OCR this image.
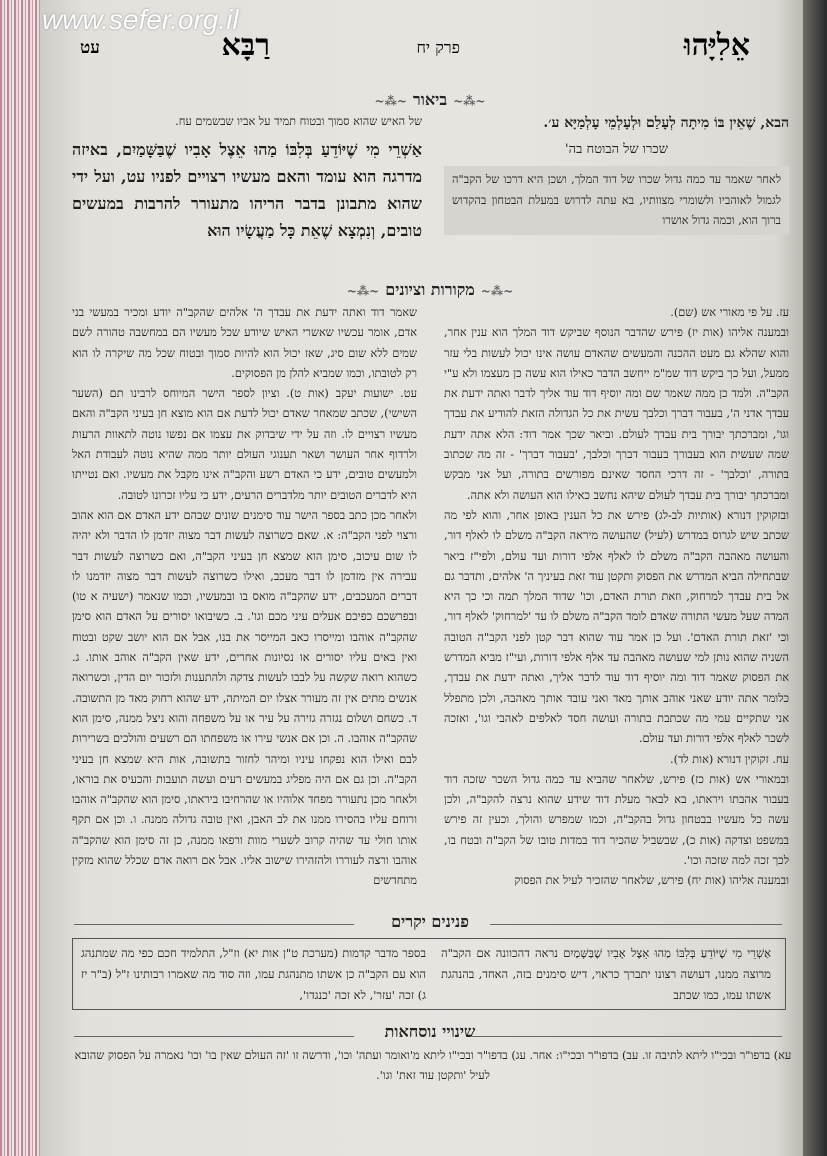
www.sefer.org.il
אֵלִיָּהוּ
פרק יח
רַבָּא
עט
~⁂~ביאור~⁂~
הבא, שֶׁאֵין בּוֹ מִיתָה לְעָלַם וּלְעָלְמֵי עָלְמַיָּא ע׳.
שכרו של הבוטח בה'
לאחר שאמר עד כמה גדול שכרו של דוד המלך, ושכן היא דרכו של הקב"ה לגמול לאוהביו ולשומרי מצוותיו, בא עתה לדרוש במעלת הבטחון בהקדוש ברוך הוא, וכמה גדול אושרו
של האיש שהוא סמוך ובטוח תמיד על אביו שבשמים עח.
אַשְׁרֵי מִי שֶׁיּוֹדֵעַ בְּלִבּוֹ מַהוּ אֵצֶל אָבִיו שֶׁבַּשָּׁמַיִם, באיזה מדרגה הוא עומד והאם מעשיו רצויים לפניו עט, ועל ידי שהוא מתבונן בדבר הריהו מתעורר להרבות במעשים טובים, וְנִמְצָא שֶׁאֵת כָּל מַעֲשָׂיו הוּא
~⁂~מקורות וציונים~⁂~
עז. על פי מאורי אש (שם).
ובמענה אליהו (אות יז) פירש שהדבר הנוסף שביקש דוד המלך הוא ענין אחר, והוא שהלא גם מעט ההכנה והמעשים שהאדם עושה אינו יכול לעשות בלי עזר ממעל, ועל כך ביקש דוד שמ"מ ייחשב הדבר כאילו הוא עשה כן מעצמו ולא ע"י הקב"ה. ולמד כן ממה שאמר שם ומה יוסיף דוד עוד אליך לדבר ואתה ידעת את עבדך אדני ה', בעבור דברך וכלבך עשית את כל הגדולה הזאת להודיע את עבדך וגו', ומברכתך יבורך בית עבדך לעולם. וביאר שכך אמר דוד: הלא אתה ידעת שמה שעשית הוא בעבורך בעבור דברך וכלבך, 'בעבור דברך' - זה מה שכתוב בתורה, 'וכלבך' - זה דרכי החסד שאינם מפורשים בתורה, ועל אני מבקש ומברכתך יבורך בית עבדך לעולם שיהא נחשב כאילו הוא העושה ולא אתה.
ובזקוקין דנורא (אותיות לב-לג) פירש את כל הענין באופן אחר, והוא לפי מה שכתב שיש לגרוס במדרש (לעיל) שהעושה מיראה הקב"ה משלם לו לאלף דור, והעושה מאהבה הקב"ה משלם לו לאלף אלפי דורות ועד עולם, ולפי"ז ביאר שבתחילה הביא המדרש את הפסוק ותקטן עוד זאת בעיניך ה' אלהים, ותדבר גם אל בית עבדך למרחוק, וזאת תורת האדם, וכו' שדוד המלך תמה וכי כך היא המדה שעל מעשי התורה שאדם לומד הקב"ה משלם לו עד 'למרחוק' לאלף דור, וכי 'זאת תורת האדם'. ועל כן אמר עוד שהוא דבר קטן לפני הקב"ה הטובה השניה שהוא נותן למי שעושה מאהבה עד אלף אלפי דורות, ועי"ז מביא המדרש את הפסוק שאמר דוד ומה יוסיף דוד עוד לדבר אליך, ואתה ידעת את עבדך, כלומר אתה יודע שאני אוהב אותך מאד ואני עובד אותך מאהבה, ולכן מתפלל אני שתקיים עמי מה שכתבת בתורה ועושה חסד לאלפים לאהבי וגו', ואזכה לשכר לאלף אלפי דורות ועד עולם.
עח. זקוקין דנורא (אות לד).
ובמאורי אש (אות כז) פירש, שלאחר שהביא עד כמה גדול השכר שזכה דוד בעבור אהבתו ויראתו, בא לבאר מעלת דוד שידע שהוא נרצה להקב"ה, ולכן עשה כל מעשיו בבטחון גדול בהקב"ה, וכמו שמפרש והולך, וכעין זה פירש במשפט וצדקה (אות כ), שבשביל שהכיר דוד במדות טובו של הקב"ה ובטח בו, לכך זכה למה שזכה וכו'.
ובמענה אליהו (אות יח) פירש, שלאחר שהזכיר לעיל את הפסוק
שאמר דוד ואתה ידעת את עבדך ה' אלהים שהקב"ה יודע ומכיר במעשי בני אדם, אומר עכשיו שאשרי האיש שיודע שכל מעשיו הם במחשבה טהורה לשם שמים ללא שום סיג, שאז יכול הוא להיות סמוך ובטוח שכל מה שיקרה לו הוא רק לטובתו, וכמו שמביא להלן מן הפסוקים.
עט. ישועות יעקב (אות ט). וציון לספר הישר המיוחס לרבינו תם (השער השישי), שכתב שמאחר שאדם יכול לדעת אם הוא מוצא חן בעיני הקב"ה והאם מעשיו רצויים לו. וזה על ידי שיבדוק את עצמו אם נפשו נוטה לתאוות הרעות ולרדוף אחר העושר ושאר תענוגי העולם יותר ממה שהיא נוטה לעבודת האל ולמעשים טובים, ידע כי האדם רשע והקב"ה אינו מקבל את מעשיו. ואם נטייתו היא לדברים הטובים יותר מלדברים הרעים, ידע כי עליו זכרונו לטובה.
ולאחר מכן כתב בספר הישר עוד סימנים שונים שבהם ידע האדם אם הוא אהוב ורצוי לפני הקב"ה: א. שאם כשרוצה לעשות דבר מצוה יזדמן לו הדבר ולא יהיה לו שום עיכוב, סימן הוא שמצא חן בעיני הקב"ה, ואם כשרוצה לעשות דבר עבירה אין מזדמן לו דבר מעכב, ואילו כשרוצה לעשות דבר מצוה יזדמנו לו דברים המעכבים, ידע שהקב"ה מואס בו ובמעשיו, וכמו שנאמר (ישעיה א טו) ובפרשכם כפיכם אעלים עיני מכם וגו'. ב. כשיבואו יסורים על האדם הוא סימן שהקב"ה אוהבו ומייסרו כאב המייסר את בנו, אבל אם הוא יושב שקט ובטוח ואין באים עליו יסורים או נסיונות אחרים, ידע שאין הקב"ה אוהב אותו. ג. כשהוא רואה שקשה על לבבו לעשות צדקה ולהתענות ולזכור יום הדין, וכשרואה אנשים מתים אין זה מעורר אצלו יום המיתה, ידע שהוא רחוק מאד מן התשובה. ד. כשחם ושלום נגזרה גזירה על עיר או על משפחה והוא ניצל ממנה, סימן הוא שהקב"ה אוהבו. ה. וכן אם אנשי עירו או משפחתו הם רשעים והולכים בשרירות לבם ואילו הוא נפקחו עיניו ומיהר לחזור בתשובה, אות היא שמצא חן בעיני הקב"ה. וכן גם אם היה מפליג במעשים רעים ועשה תועבות והכעיס את בוראו, ולאחר מכן נתעורר מפחד אלוהיו או שהרחיבו ביראתו, סימן הוא שהקב"ה אוהבו ורוחם עליו בהסירו ממנו את לב האבן, ואין טובה גדולה ממנה. ו. וכן אם תקף אותו חולי עד שהיה קרוב לשערי מוות ורפאו ממנה, כן זה סימן הוא שהקב"ה אוהבו ורצה לעוררו ולהזהירו שישוב אליו. אבל אם רואה אדם שכלל שהוא מזקין מתחדשים
פנינים יקרים
אַשְׁרֵי מִי שֶׁיּוֹדֵעַ בְּלִבּוֹ מַהוּ אֵצֶל אָבִיו שֶׁבַּשָּׁמַיִם נראה דהכוונה אם הקב"ה מרוצה ממנו, דעושה רצונו יתברך כראוי, דיש סימנים בזה, האחד, בהנהגת אשתו עמו, כמו שכתב
בספר מדבר קדמות (מערכת ט"ן אות יא) וז"ל, התלמיד חכם כפי מה שמתנהג הוא עם הקב"ה כן אשתו מתנהגת עמו, וזה סוד מה שאמרו רבותינו ז"ל (ב"ר יז ג) זכה 'עזר', לא זכה 'כנגדו',
שינויי נוסחאות
עא) בדפו"ר ובכי"ו ליתא לתיבה זו. עב) בדפו"ר ובכי"ו: אחר. עג) בדפו"ר ובכי"ו ליתא מ'ואומר ועתה' וכו', ודרשה זו 'זה העולם שאין בו' וכו' נאמרה על הפסוק שהובא לעיל 'ותקטן עוד זאת' וגו'.
